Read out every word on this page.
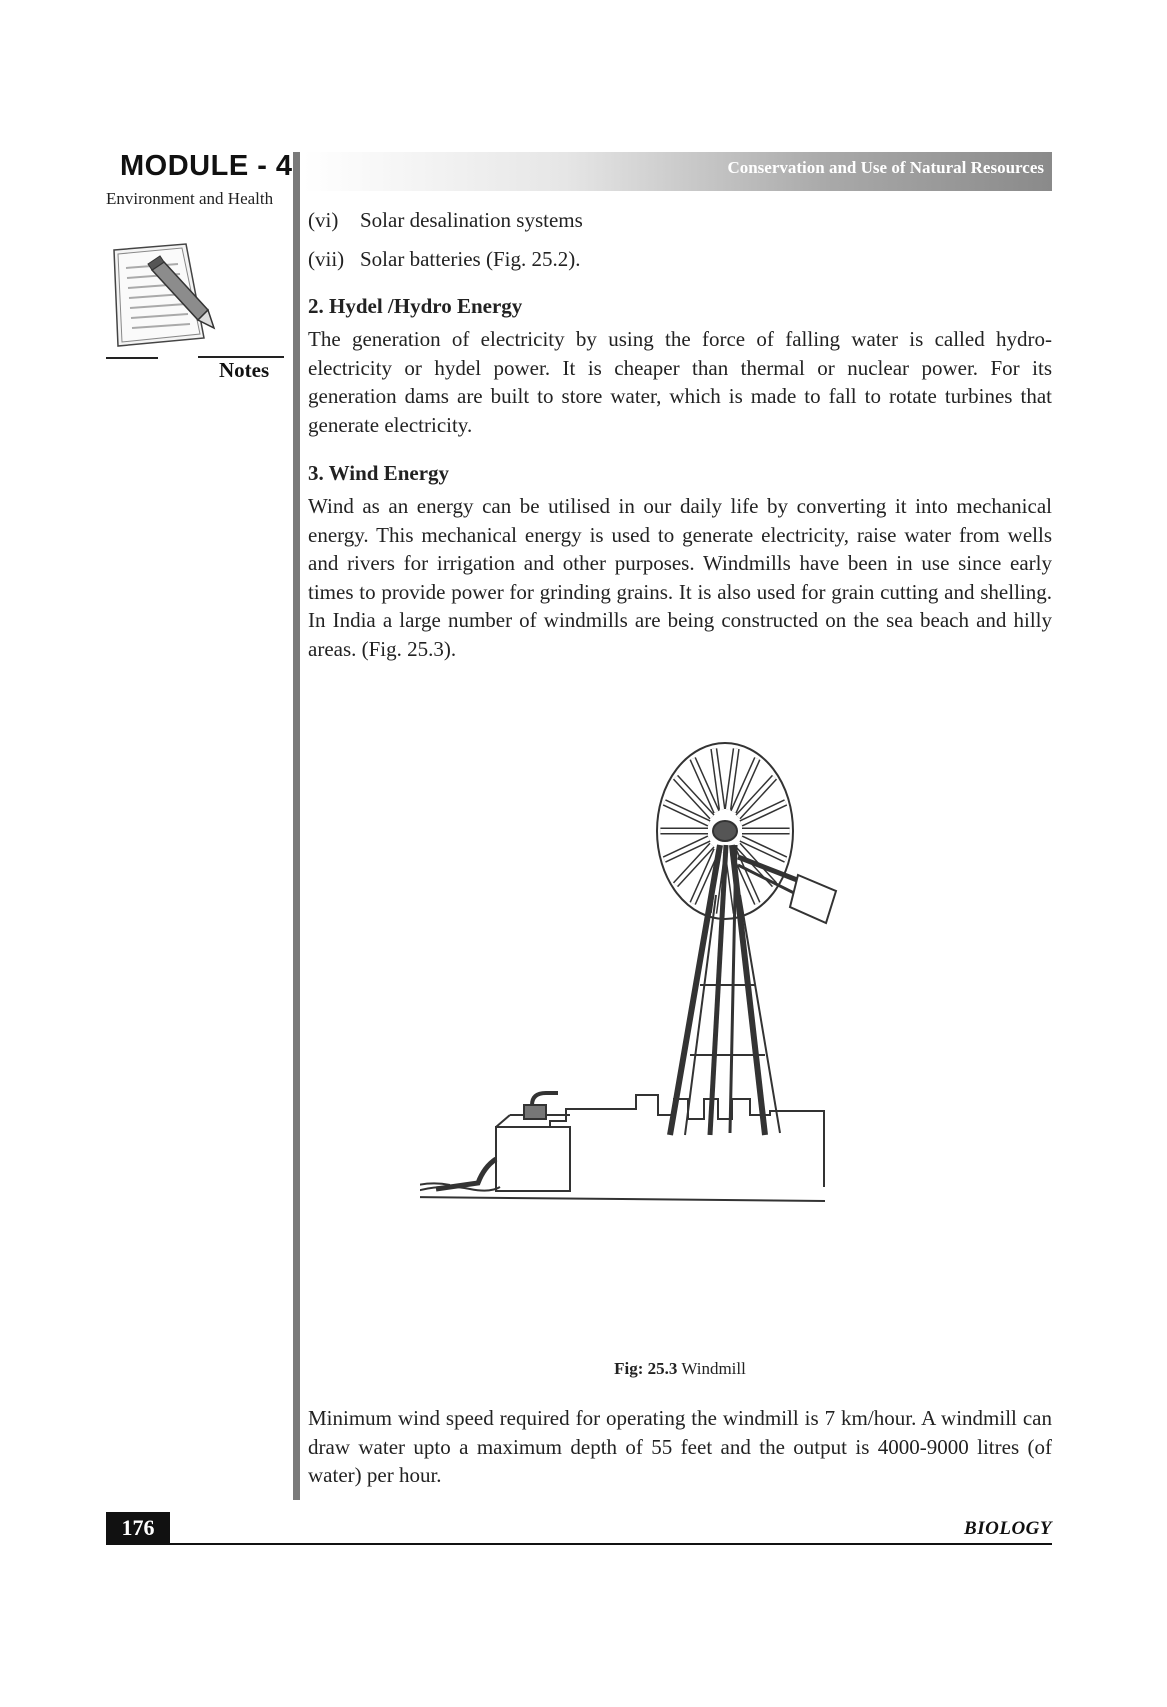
MODULE - 4
Environment and Health
Notes
Conservation and Use of Natural Resources
(vi)	Solar desalination systems
(vii) Solar batteries (Fig. 25.2).
2. Hydel /Hydro Energy

The generation of electricity by using the force of falling water is called hydro-electricity or hydel power. It is cheaper than thermal or nuclear power. For its generation dams are built to store water, which is made to fall to rotate turbines that generate electricity.

3. Wind Energy

Wind as an energy can be utilised in our daily life by converting it into mechanical energy. This mechanical energy is used to generate electricity, raise water from wells and rivers for irrigation and other purposes. Windmills have been in use since early times to provide power for grinding grains. It is also used for grain cutting and shelling. In India a large number of windmills are being constructed on the sea beach and hilly areas. (Fig. 25.3).

Fig: 25.3 Windmill

Minimum wind speed required for operating the windmill is 7 km/hour. A windmill can draw water upto a maximum depth of 55 feet and the output is 4000-9000 litres (of water) per hour.

176	BIOLOGY
